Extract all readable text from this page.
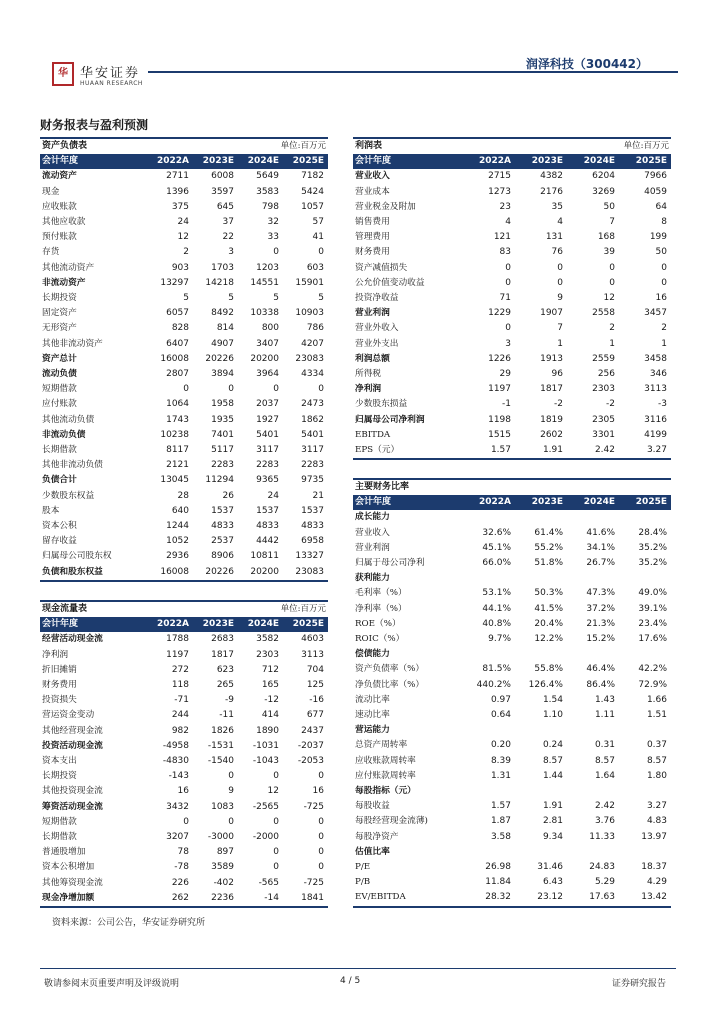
华 华安证券
HUAAN RESEARCH
润泽科技（300442）
财务报表与盈利预测
资产负债表	单位:百万元			
会计年度	2022A	2023E	2024E	2025E
流动资产	2711	6008	5649	7182
现金	1396	3597	3583	5424
应收账款	375	645	798	1057
其他应收款	24	37	32	57
预付账款	12	22	33	41
存货	2	3	0	0
其他流动资产	903	1703	1203	603
非流动资产	13297	14218	14551	15901
长期投资	5	5	5	5
固定资产	6057	8492	10338	10903
无形资产	828	814	800	786
其他非流动资产	6407	4907	3407	4207
资产总计	16008	20226	20200	23083
流动负债	2807	3894	3964	4334
短期借款	0	0	0	0
应付账款	1064	1958	2037	2473
其他流动负债	1743	1935	1927	1862
非流动负债	10238	7401	5401	5401
长期借款	8117	5117	3117	3117
其他非流动负债	2121	2283	2283	2283
负债合计	13045	11294	9365	9735
少数股东权益	28	26	24	21
股本	640	1537	1537	1537
资本公积	1244	4833	4833	4833
留存收益	1052	2537	4442	6958
归属母公司股东权	2936	8906	10811	13327
负债和股东权益	16008	20226	20200	23083
现金流量表	单位:百万元			
会计年度	2022A	2023E	2024E	2025E
经营活动现金流	1788	2683	3582	4603
净利润	1197	1817	2303	3113
折旧摊销	272	623	712	704
财务费用	118	265	165	125
投资损失	-71	-9	-12	-16
营运资金变动	244	-11	414	677
其他经营现金流	982	1826	1890	2437
投资活动现金流	-4958	-1531	-1031	-2037
资本支出	-4830	-1540	-1043	-2053
长期投资	-143	0	0	0
其他投资现金流	16	9	12	16
筹资活动现金流	3432	1083	-2565	-725
短期借款	0	0	0	0
长期借款	3207	-3000	-2000	0
普通股增加	78	897	0	0
资本公积增加	-78	3589	0	0
其他筹资现金流	226	-402	-565	-725
现金净增加额	262	2236	-14	1841
利润表	单位:百万元			
会计年度	2022A	2023E	2024E	2025E
营业收入	2715	4382	6204	7966
营业成本	1273	2176	3269	4059
营业税金及附加	23	35	50	64
销售费用	4	4	7	8
管理费用	121	131	168	199
财务费用	83	76	39	50
资产减值损失	0	0	0	0
公允价值变动收益	0	0	0	0
投资净收益	71	9	12	16
营业利润	1229	1907	2558	3457
营业外收入	0	7	2	2
营业外支出	3	1	1	1
利润总额	1226	1913	2559	3458
所得税	29	96	256	346
净利润	1197	1817	2303	3113
少数股东损益	-1	-2	-2	-3
归属母公司净利润	1198	1819	2305	3116
EBITDA	1515	2602	3301	4199
EPS（元）	1.57	1.91	2.42	3.27
主要财务比率				
会计年度	2022A	2023E	2024E	2025E
成长能力				
营业收入	32.6%	61.4%	41.6%	28.4%
营业利润	45.1%	55.2%	34.1%	35.2%
归属于母公司净利	66.0%	51.8%	26.7%	35.2%
获利能力				
毛利率（%）	53.1%	50.3%	47.3%	49.0%
净利率（%）	44.1%	41.5%	37.2%	39.1%
ROE（%）	40.8%	20.4%	21.3%	23.4%
ROIC（%）	9.7%	12.2%	15.2%	17.6%
偿债能力				
资产负债率（%）	81.5%	55.8%	46.4%	42.2%
净负债比率（%）	440.2%	126.4%	86.4%	72.9%
流动比率	0.97	1.54	1.43	1.66
速动比率	0.64	1.10	1.11	1.51
营运能力				
总资产周转率	0.20	0.24	0.31	0.37
应收账款周转率	8.39	8.57	8.57	8.57
应付账款周转率	1.31	1.44	1.64	1.80
每股指标（元）				
每股收益	1.57	1.91	2.42	3.27
每股经营现金流薄)	1.87	2.81	3.76	4.83
每股净资产	3.58	9.34	11.33	13.97
估值比率				
P/E	26.98	31.46	24.83	18.37
P/B	11.84	6.43	5.29	4.29
EV/EBITDA	28.32	23.12	17.63	13.42
资料来源：公司公告，华安证券研究所
敬请参阅末页重要声明及评级说明	4 / 5	证券研究报告
